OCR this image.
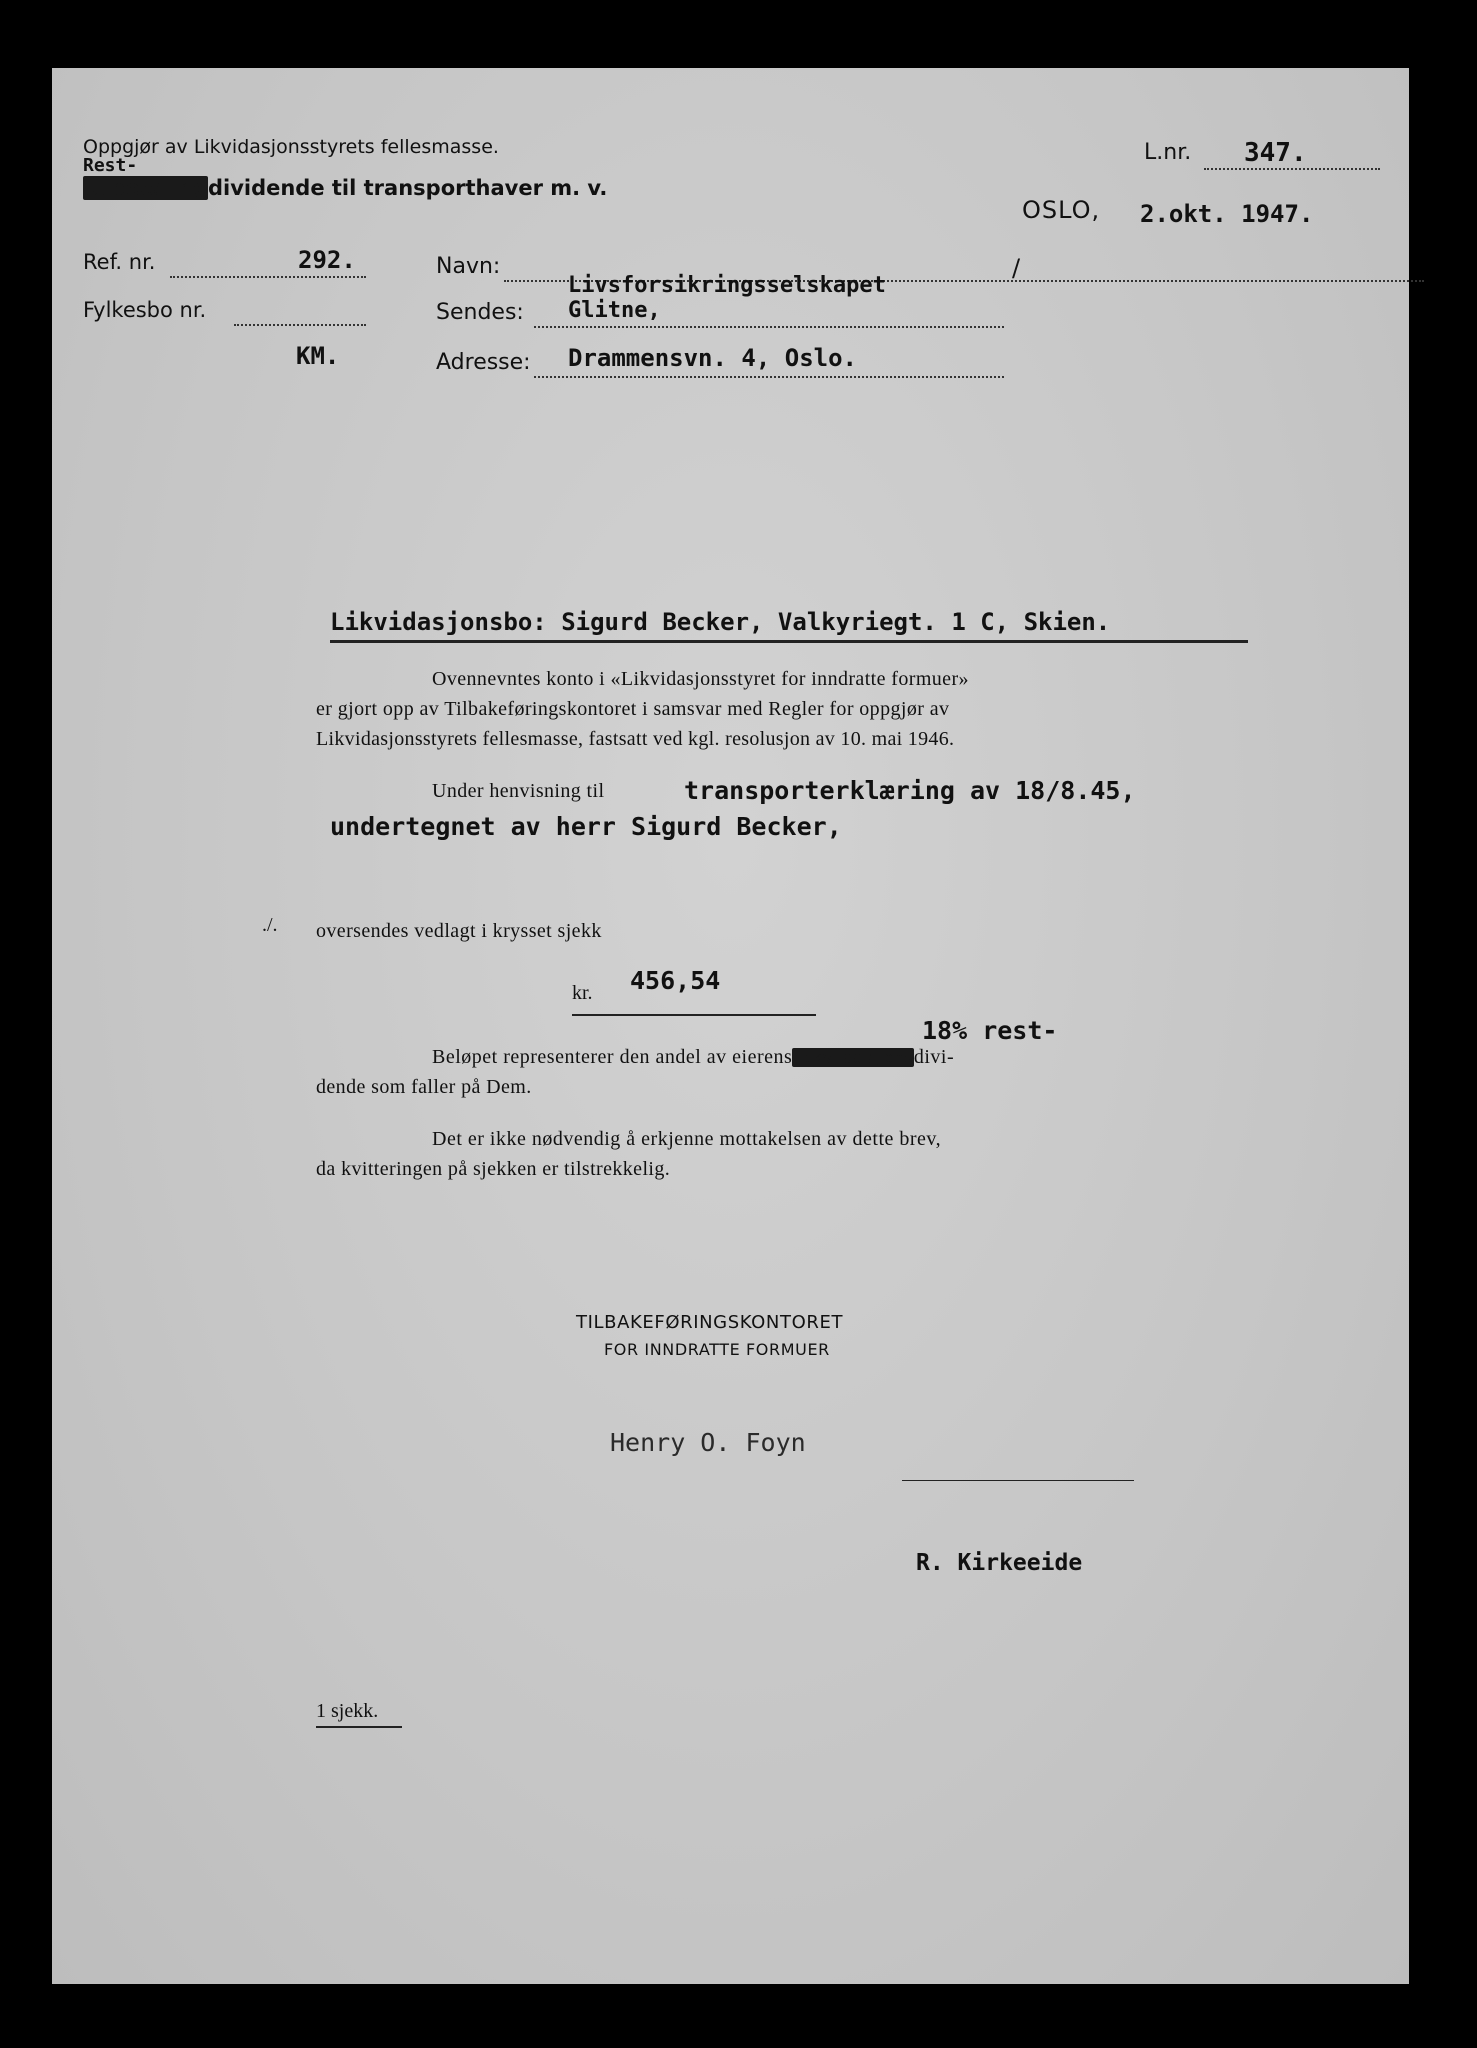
Oppgjør av Likvidasjonsstyrets fellesmasse.
Rest-
Utbetalingdividende til transporthaver m. v.
L.nr. 347.
OSLO, 2.okt. 1947.
Ref. nr.	292.
Fylkesbo nr.
KM.
Navn:
Livsforsikringsselskapet
/
Sendes: Glitne,
Adresse: Drammensvn. 4, Oslo.
Likvidasjonsbo: Sigurd Becker, Valkyriegt. 1 C, Skien.
Ovennevntes konto i «Likvidasjonsstyret for inndratte formuer»
er gjort opp av Tilbakeføringskontoret i samsvar med Regler for oppgjør av
Likvidasjonsstyrets fellesmasse, fastsatt ved kgl. resolusjon av 10. mai 1946.
Under henvisning til	transporterklæring av 18/8.45,
undertegnet av herr Sigurd Becker,
./. oversendes vedlagt i krysset sjekk
kr. 456,54
18% rest-
Beløpet representerer den andel av eierenslikvidasjonsdivi-
dende som faller på Dem.
Det er ikke nødvendig å erkjenne mottakelsen av dette brev,
da kvitteringen på sjekken er tilstrekkelig.
TILBAKEFØRINGSKONTORET
FOR INNDRATTE FORMUER
Henry O. Foyn
R. Kirkeeide
1 sjekk.
